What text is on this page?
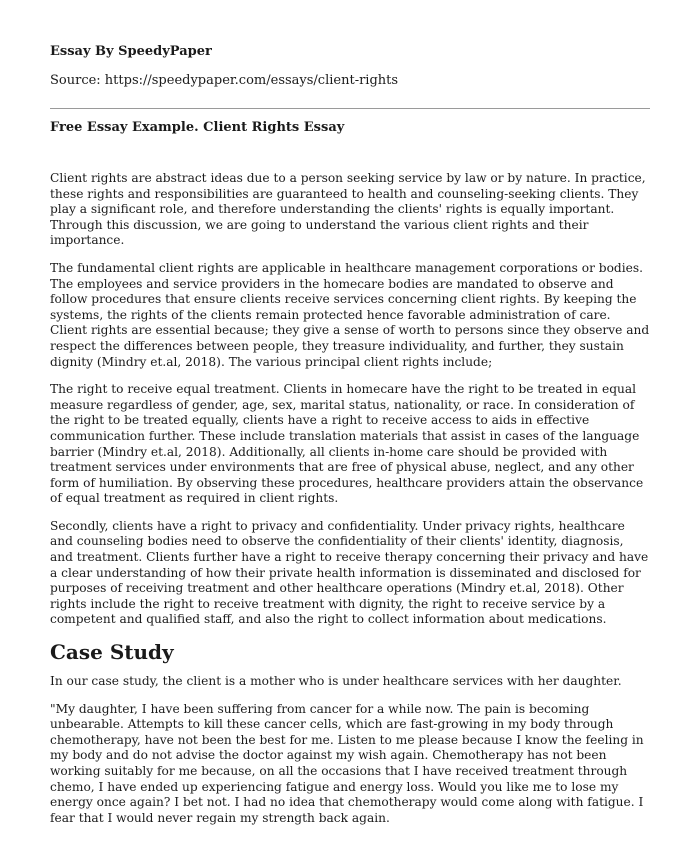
Essay By SpeedyPaper
Source: https://speedypaper.com/essays/client-rights
Free Essay Example. Client Rights Essay

Client rights are abstract ideas due to a person seeking service by law or by nature. In practice, these rights and responsibilities are guaranteed to health and counseling-seeking clients. They play a significant role, and therefore understanding the clients' rights is equally important. Through this discussion, we are going to understand the various client rights and their importance.

The fundamental client rights are applicable in healthcare management corporations or bodies. The employees and service providers in the homecare bodies are mandated to observe and follow procedures that ensure clients receive services concerning client rights. By keeping the systems, the rights of the clients remain protected hence favorable administration of care. Client rights are essential because; they give a sense of worth to persons since they observe and respect the differences between people, they treasure individuality, and further, they sustain dignity (Mindry et.al, 2018). The various principal client rights include;

The right to receive equal treatment. Clients in homecare have the right to be treated in equal measure regardless of gender, age, sex, marital status, nationality, or race. In consideration of the right to be treated equally, clients have a right to receive access to aids in effective communication further. These include translation materials that assist in cases of the language barrier (Mindry et.al, 2018). Additionally, all clients in-home care should be provided with treatment services under environments that are free of physical abuse, neglect, and any other form of humiliation. By observing these procedures, healthcare providers attain the observance of equal treatment as required in client rights.

Secondly, clients have a right to privacy and confidentiality. Under privacy rights, healthcare and counseling bodies need to observe the confidentiality of their clients' identity, diagnosis, and treatment. Clients further have a right to receive therapy concerning their privacy and have a clear understanding of how their private health information is disseminated and disclosed for purposes of receiving treatment and other healthcare operations (Mindry et.al, 2018). Other rights include the right to receive treatment with dignity, the right to receive service by a competent and qualified staff, and also the right to collect information about medications.

Case Study

In our case study, the client is a mother who is under healthcare services with her daughter.

"My daughter, I have been suffering from cancer for a while now. The pain is becoming unbearable. Attempts to kill these cancer cells, which are fast-growing in my body through chemotherapy, have not been the best for me. Listen to me please because I know the feeling in my body and do not advise the doctor against my wish again. Chemotherapy has not been working suitably for me because, on all the occasions that I have received treatment through chemo, I have ended up experiencing fatigue and energy loss. Would you like me to lose my energy once again? I bet not. I had no idea that chemotherapy would come along with fatigue. I fear that I would never regain my strength back again.
